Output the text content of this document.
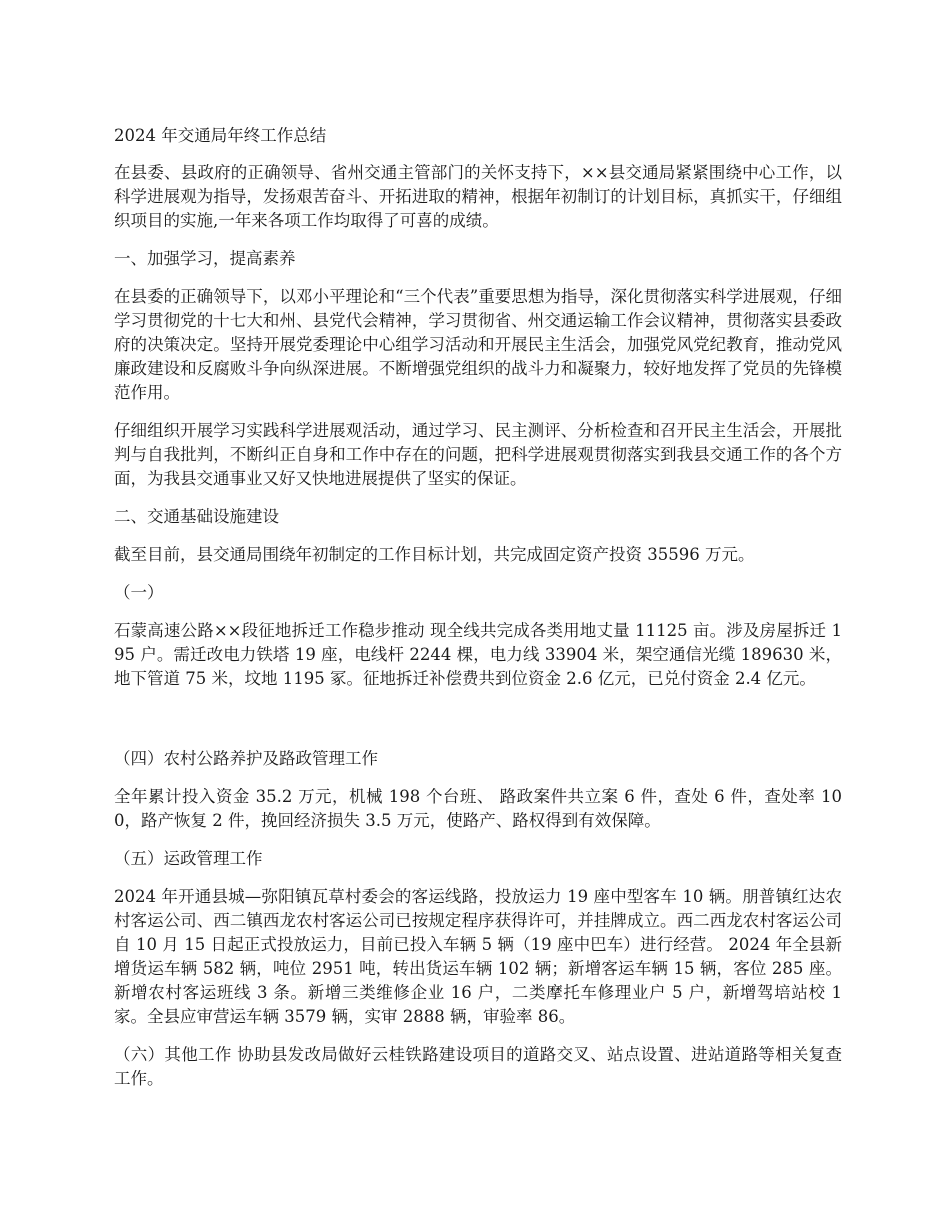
2024 年交通局年终工作总结

在县委、县政府的正确领导、省州交通主管部门的关怀支持下，××县交通局紧紧围绕中心工作，以科学进展观为指导，发扬艰苦奋斗、开拓进取的精神，根据年初制订的计划目标，真抓实干，仔细组织项目的实施,一年来各项工作均取得了可喜的成绩。

一、加强学习，提高素养

在县委的正确领导下，以邓小平理论和“三个代表”重要思想为指导，深化贯彻落实科学进展观，仔细学习贯彻党的十七大和州、县党代会精神，学习贯彻省、州交通运输工作会议精神，贯彻落实县委政府的决策决定。坚持开展党委理论中心组学习活动和开展民主生活会，加强党风党纪教育，推动党风廉政建设和反腐败斗争向纵深进展。不断增强党组织的战斗力和凝聚力，较好地发挥了党员的先锋模范作用。

仔细组织开展学习实践科学进展观活动，通过学习、民主测评、分析检查和召开民主生活会，开展批判与自我批判，不断纠正自身和工作中存在的问题，把科学进展观贯彻落实到我县交通工作的各个方面，为我县交通事业又好又快地进展提供了坚实的保证。

二、交通基础设施建设

截至目前，县交通局围绕年初制定的工作目标计划，共完成固定资产投资 35596 万元。

（一）

石蒙高速公路××段征地拆迁工作稳步推动 现全线共完成各类用地丈量 11125 亩。涉及房屋拆迁 195 户。需迁改电力铁塔 19 座，电线杆 2244 棵，电力线 33904 米，架空通信光缆 189630 米，地下管道 75 米，坟地 1195 冢。征地拆迁补偿费共到位资金 2.6 亿元，已兑付资金 2.4 亿元。

（四）农村公路养护及路政管理工作

全年累计投入资金 35.2 万元，机械 198 个台班、 路政案件共立案 6 件，查处 6 件，查处率 100，路产恢复 2 件，挽回经济损失 3.5 万元，使路产、路权得到有效保障。

（五）运政管理工作

2024 年开通县城—弥阳镇瓦草村委会的客运线路，投放运力 19 座中型客车 10 辆。朋普镇红达农村客运公司、西二镇西龙农村客运公司已按规定程序获得许可，并挂牌成立。西二西龙农村客运公司自 10 月 15 日起正式投放运力，目前已投入车辆 5 辆（19 座中巴车）进行经营。 2024 年全县新增货运车辆 582 辆，吨位 2951 吨，转出货运车辆 102 辆；新增客运车辆 15 辆，客位 285 座。新增农村客运班线 3 条。新增三类维修企业 16 户，二类摩托车修理业户 5 户，新增驾培站校 1 家。全县应审营运车辆 3579 辆，实审 2888 辆，审验率 86。

（六）其他工作 协助县发改局做好云桂铁路建设项目的道路交叉、站点设置、进站道路等相关复查工作。
